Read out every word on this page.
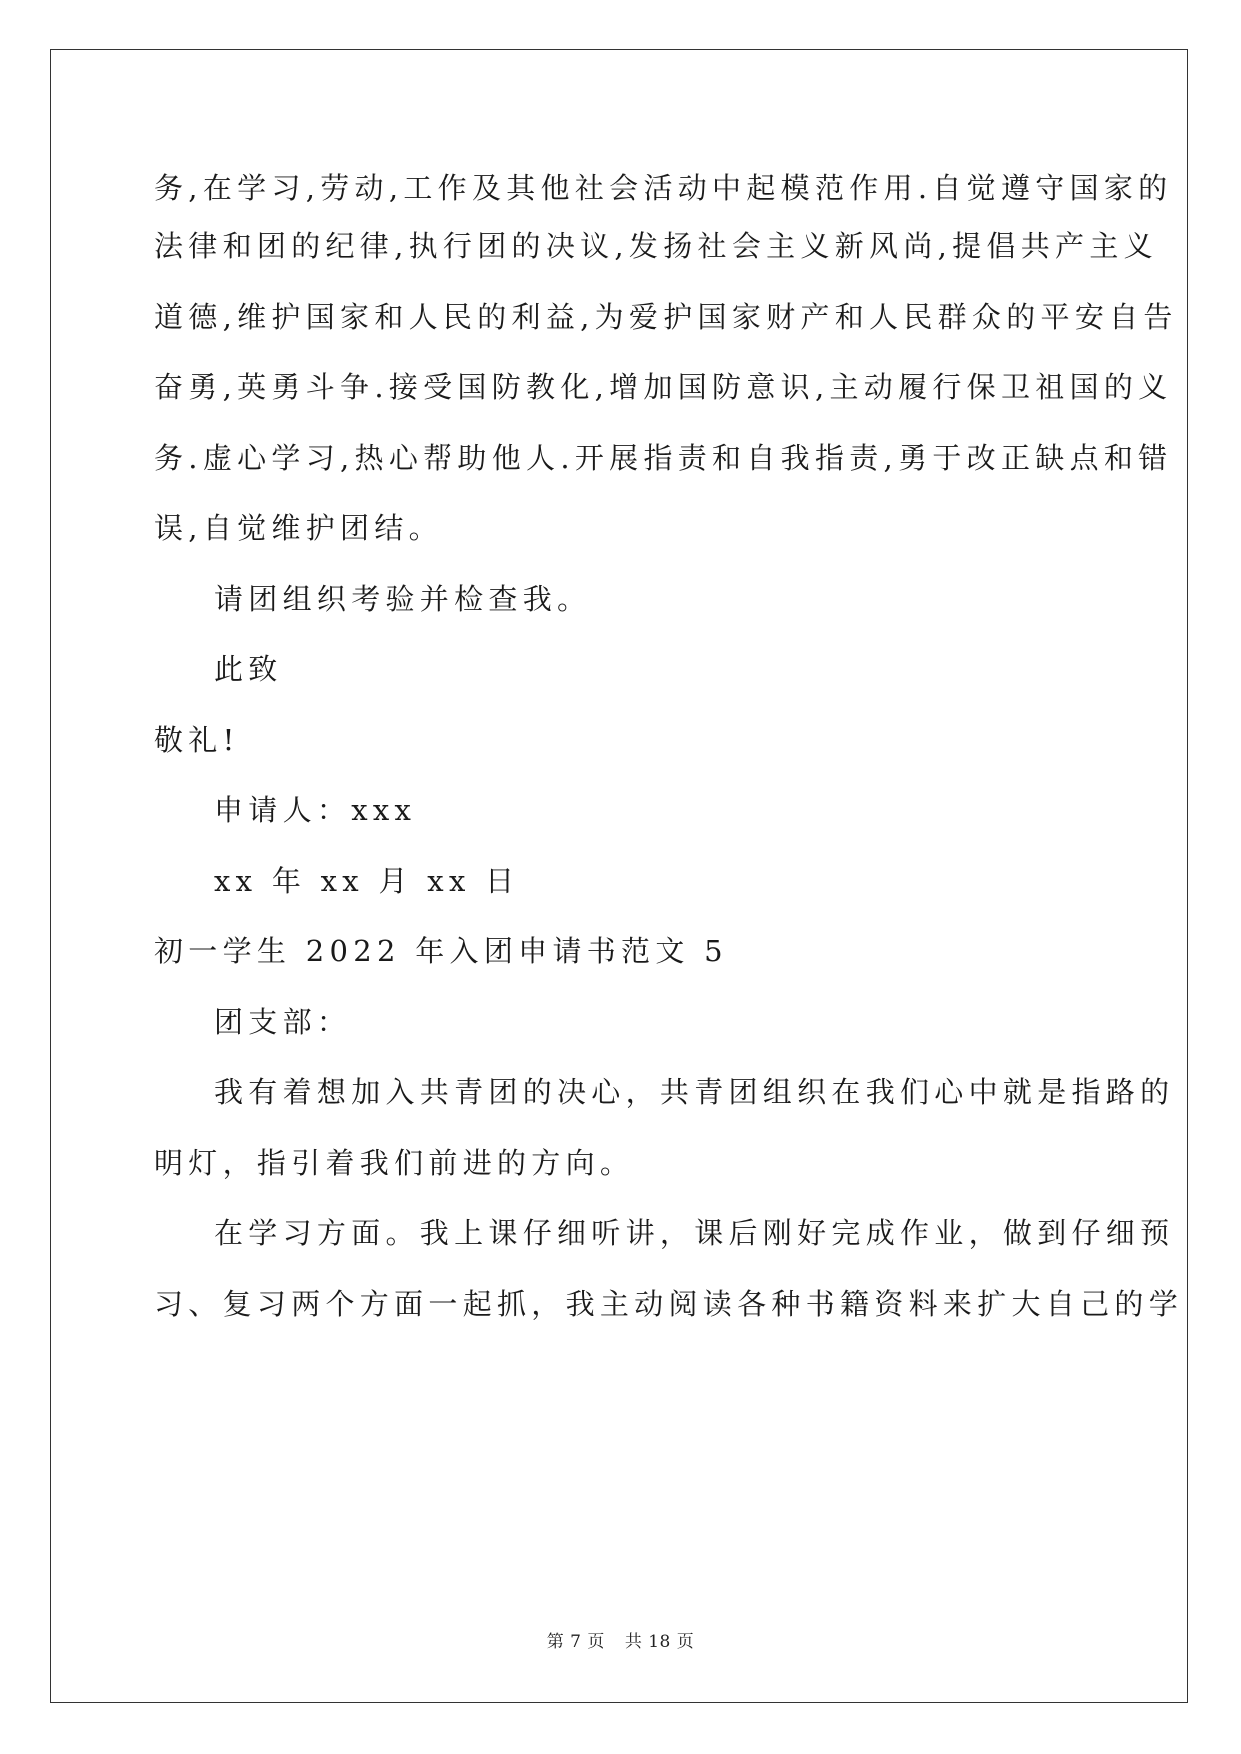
务,在学习,劳动,工作及其他社会活动中起模范作用.自觉遵守国家的
法律和团的纪律,执行团的决议,发扬社会主义新风尚,提倡共产主义
道德,维护国家和人民的利益,为爱护国家财产和人民群众的平安自告
奋勇,英勇斗争.接受国防教化,增加国防意识,主动履行保卫祖国的义
务.虚心学习,热心帮助他人.开展指责和自我指责,勇于改正缺点和错
误,自觉维护团结。
请团组织考验并检查我。
此致
敬礼!
申请人：xxx
xx 年 xx 月 xx 日
初一学生 2022 年入团申请书范文 5
团支部：
我有着想加入共青团的决心，共青团组织在我们心中就是指路的
明灯，指引着我们前进的方向。
在学习方面。我上课仔细听讲，课后刚好完成作业，做到仔细预
习、复习两个方面一起抓，我主动阅读各种书籍资料来扩大自己的学
第 7 页 共 18 页
